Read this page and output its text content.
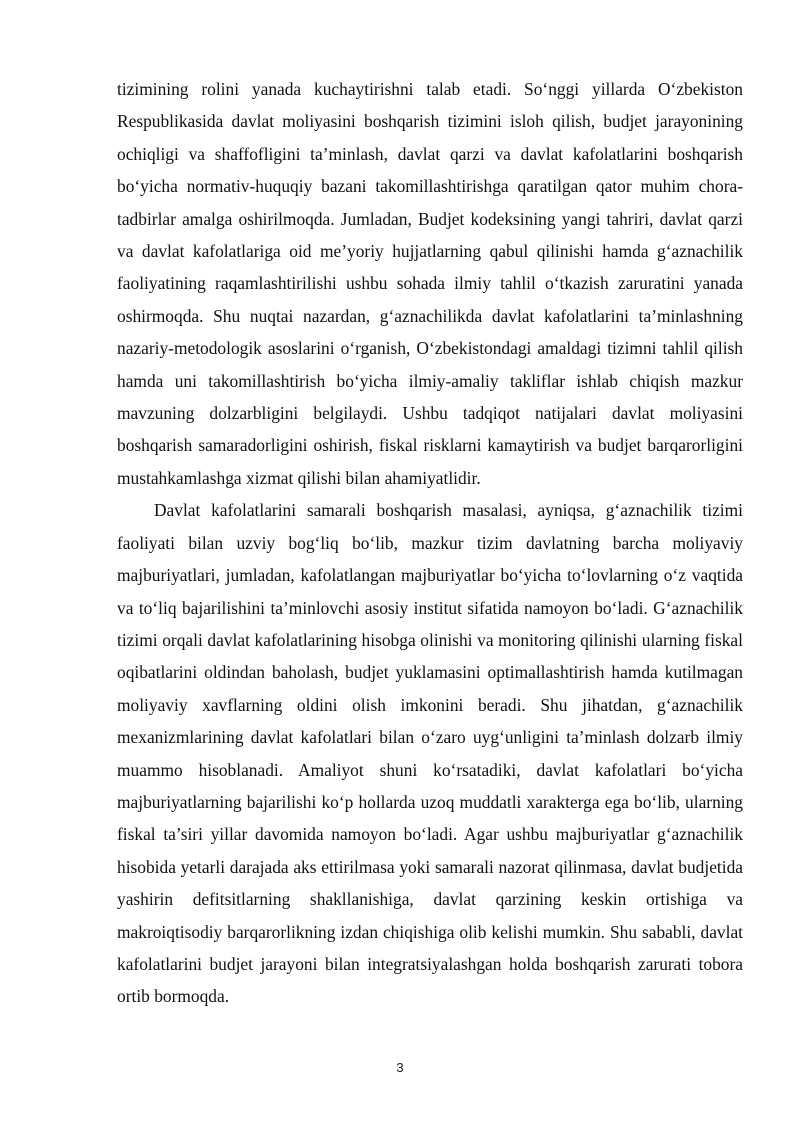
tizimining rolini yanada kuchaytirishni talab etadi. So‘nggi yillarda O‘zbekiston Respublikasida davlat moliyasini boshqarish tizimini isloh qilish, budjet jarayonining ochiqligi va shaffofligini ta’minlash, davlat qarzi va davlat kafolatlarini boshqarish bo‘yicha normativ-huquqiy bazani takomillashtirishga qaratilgan qator muhim chora-tadbirlar amalga oshirilmoqda. Jumladan, Budjet kodeksining yangi tahriri, davlat qarzi va davlat kafolatlariga oid me’yoriy hujjatlarning qabul qilinishi hamda g‘aznachilik faoliyatining raqamlashtirilishi ushbu sohada ilmiy tahlil o‘tkazish zaruratini yanada oshirmoqda. Shu nuqtai nazardan, g‘aznachilikda davlat kafolatlarini ta’minlashning nazariy-metodologik asoslarini o‘rganish, O‘zbekistondagi amaldagi tizimni tahlil qilish hamda uni takomillashtirish bo‘yicha ilmiy-amaliy takliflar ishlab chiqish mazkur mavzuning dolzarbligini belgilaydi. Ushbu tadqiqot natijalari davlat moliyasini boshqarish samaradorligini oshirish, fiskal risklarni kamaytirish va budjet barqarorligini mustahkamlashga xizmat qilishi bilan ahamiyatlidir.

Davlat kafolatlarini samarali boshqarish masalasi, ayniqsa, g‘aznachilik tizimi faoliyati bilan uzviy bog‘liq bo‘lib, mazkur tizim davlatning barcha moliyaviy majburiyatlari, jumladan, kafolatlangan majburiyatlar bo‘yicha to‘lovlarning o‘z vaqtida va to‘liq bajarilishini ta’minlovchi asosiy institut sifatida namoyon bo‘ladi. G‘aznachilik tizimi orqali davlat kafolatlarining hisobga olinishi va monitoring qilinishi ularning fiskal oqibatlarini oldindan baholash, budjet yuklamasini optimallashtirish hamda kutilmagan moliyaviy xavflarning oldini olish imkonini beradi. Shu jihatdan, g‘aznachilik mexanizmlarining davlat kafolatlari bilan o‘zaro uyg‘unligini ta’minlash dolzarb ilmiy muammo hisoblanadi. Amaliyot shuni ko‘rsatadiki, davlat kafolatlari bo‘yicha majburiyatlarning bajarilishi ko‘p hollarda uzoq muddatli xarakterga ega bo‘lib, ularning fiskal ta’siri yillar davomida namoyon bo‘ladi. Agar ushbu majburiyatlar g‘aznachilik hisobida yetarli darajada aks ettirilmasa yoki samarali nazorat qilinmasa, davlat budjetida yashirin defitsitlarning shakllanishiga, davlat qarzining keskin ortishiga va makroiqtisodiy barqarorlikning izdan chiqishiga olib kelishi mumkin. Shu sababli, davlat kafolatlarini budjet jarayoni bilan integratsiyalashgan holda boshqarish zarurati tobora ortib bormoqda.

3
